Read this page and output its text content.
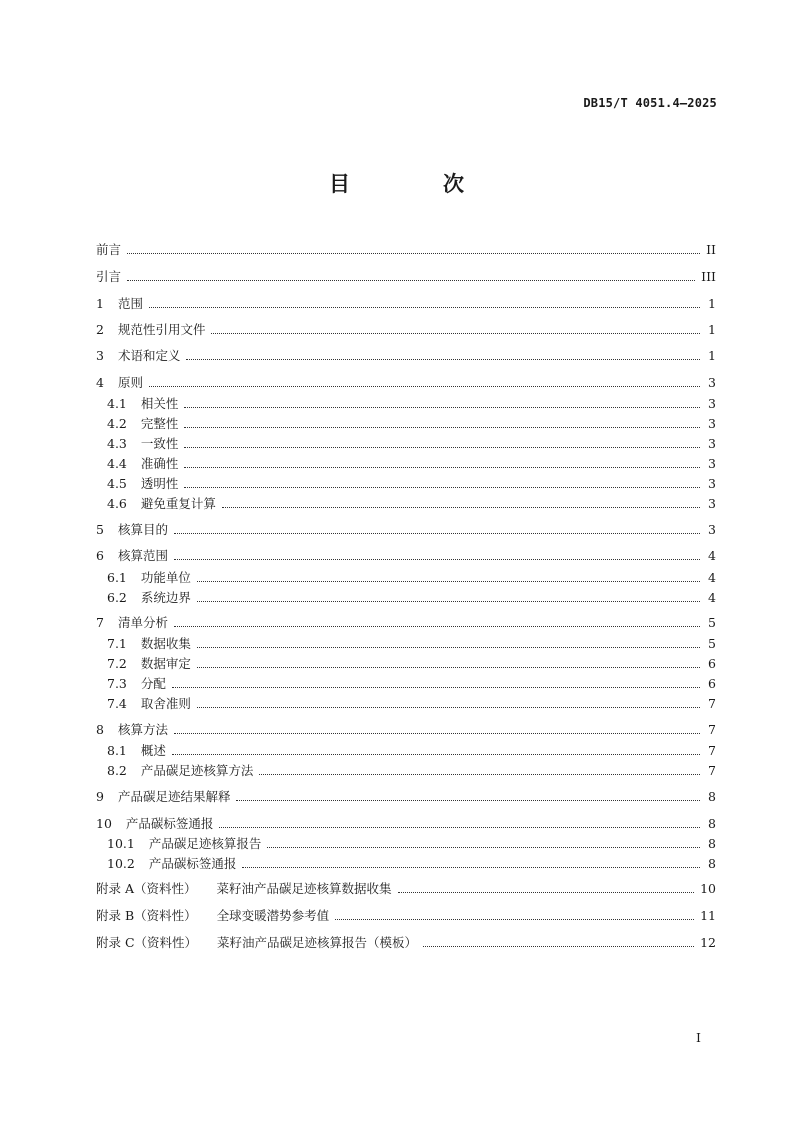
DB15/T 4051.4—2025
目　次
前言	II
引言	III
1 范围	1
2 规范性引用文件	1
3 术语和定义	1
4 原则	3
4.1 相关性	3
4.2 完整性	3
4.3 一致性	3
4.4 准确性	3
4.5 透明性	3
4.6 避免重复计算	3
5 核算目的	3
6 核算范围	4
6.1 功能单位	4
6.2 系统边界	4
7 清单分析	5
7.1 数据收集	5
7.2 数据审定	6
7.3 分配	6
7.4 取舍准则	7
8 核算方法	7
8.1 概述	7
8.2 产品碳足迹核算方法	7
9 产品碳足迹结果解释	8
10 产品碳标签通报	8
10.1 产品碳足迹核算报告	8
10.2 产品碳标签通报	8
附录 A（资料性） 菜籽油产品碳足迹核算数据收集	10
附录 B（资料性） 全球变暖潜势参考值	11
附录 C（资料性） 菜籽油产品碳足迹核算报告（模板）	12
I
